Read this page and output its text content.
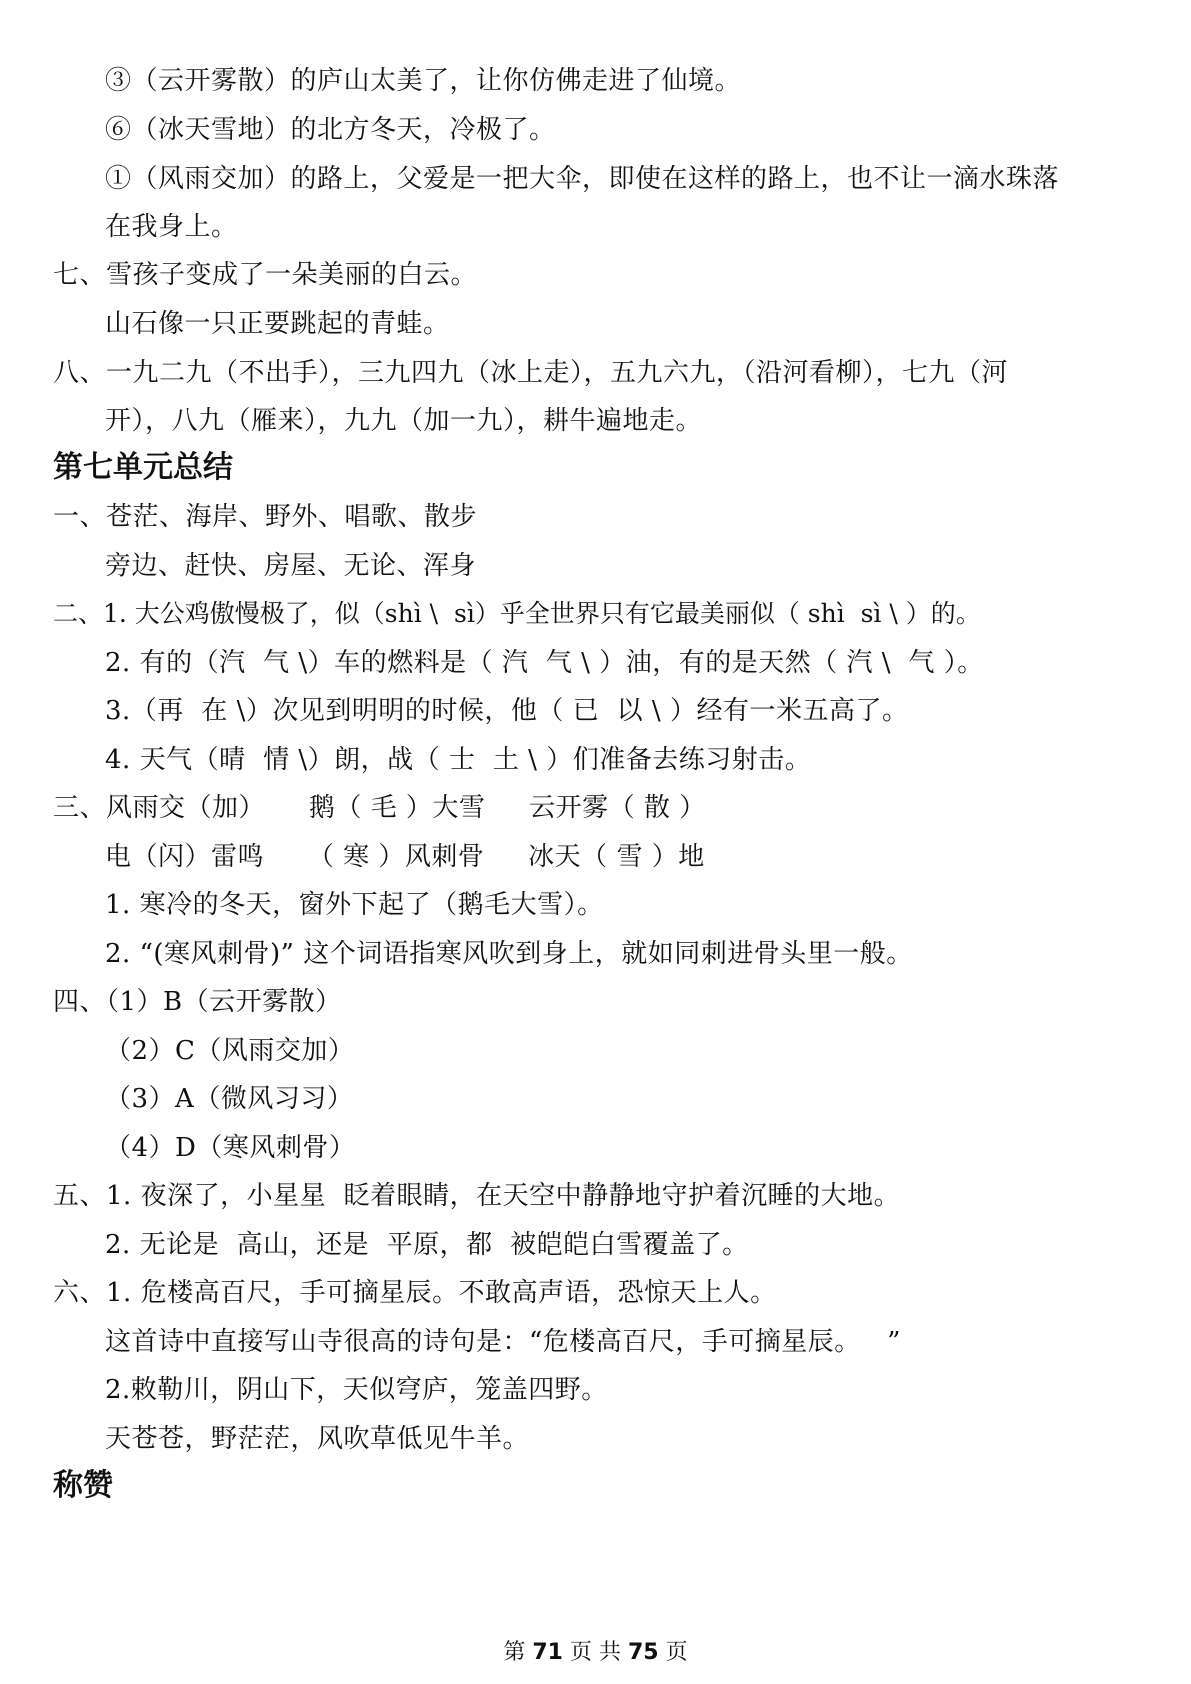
③（云开雾散）的庐山太美了，让你仿佛走进了仙境。
⑥（冰天雪地）的北方冬天，冷极了。
①（风雨交加）的路上，父爱是一把大伞，即使在这样的路上，也不让一滴水珠落
在我身上。
七、雪孩子变成了一朵美丽的白云。
山石像一只正要跳起的青蛙。
八、一九二九（不出手），三九四九（冰上走），五九六九，（沿河看柳），七九（河
开），八九（雁来），九九（加一九），耕牛遍地走。
第七单元总结
一、苍茫、海岸、野外、唱歌、散步
旁边、赶快、房屋、无论、浑身
二、1. 大公鸡傲慢极了，似（shì \  sì）乎全世界只有它最美丽似（ shì  sì \ ）的。
2. 有的（汽  气 \）车的燃料是（ 汽  气 \ ）油，有的是天然（ 汽 \  气 ）。
3.（再  在 \）次见到明明的时候，他（ 已  以 \ ）经有一米五高了。
4. 天气（晴  情 \）朗，战（ 士  土 \ ）们准备去练习射击。
三、风雨交（加）     鹅（ 毛 ）大雪     云开雾（ 散 ）
电（闪）雷鸣     （ 寒 ）风刺骨     冰天（ 雪 ）地
1. 寒冷的冬天，窗外下起了（鹅毛大雪）。
2. “(寒风刺骨)” 这个词语指寒风吹到身上，就如同刺进骨头里一般。
四、（1）B（云开雾散）
（2）C（风雨交加）
（3）A（微风习习）
（4）D（寒风刺骨）
五、1. 夜深了，小星星  眨着眼睛，在天空中静静地守护着沉睡的大地。
2. 无论是  高山，还是  平原，都  被皑皑白雪覆盖了。
六、1. 危楼高百尺，手可摘星辰。不敢高声语，恐惊天上人。
这首诗中直接写山寺很高的诗句是：“危楼高百尺，手可摘星辰。   ”
2.敕勒川，阴山下，天似穹庐，笼盖四野。
天苍苍，野茫茫，风吹草低见牛羊。
称赞
第 71 页 共 75 页
